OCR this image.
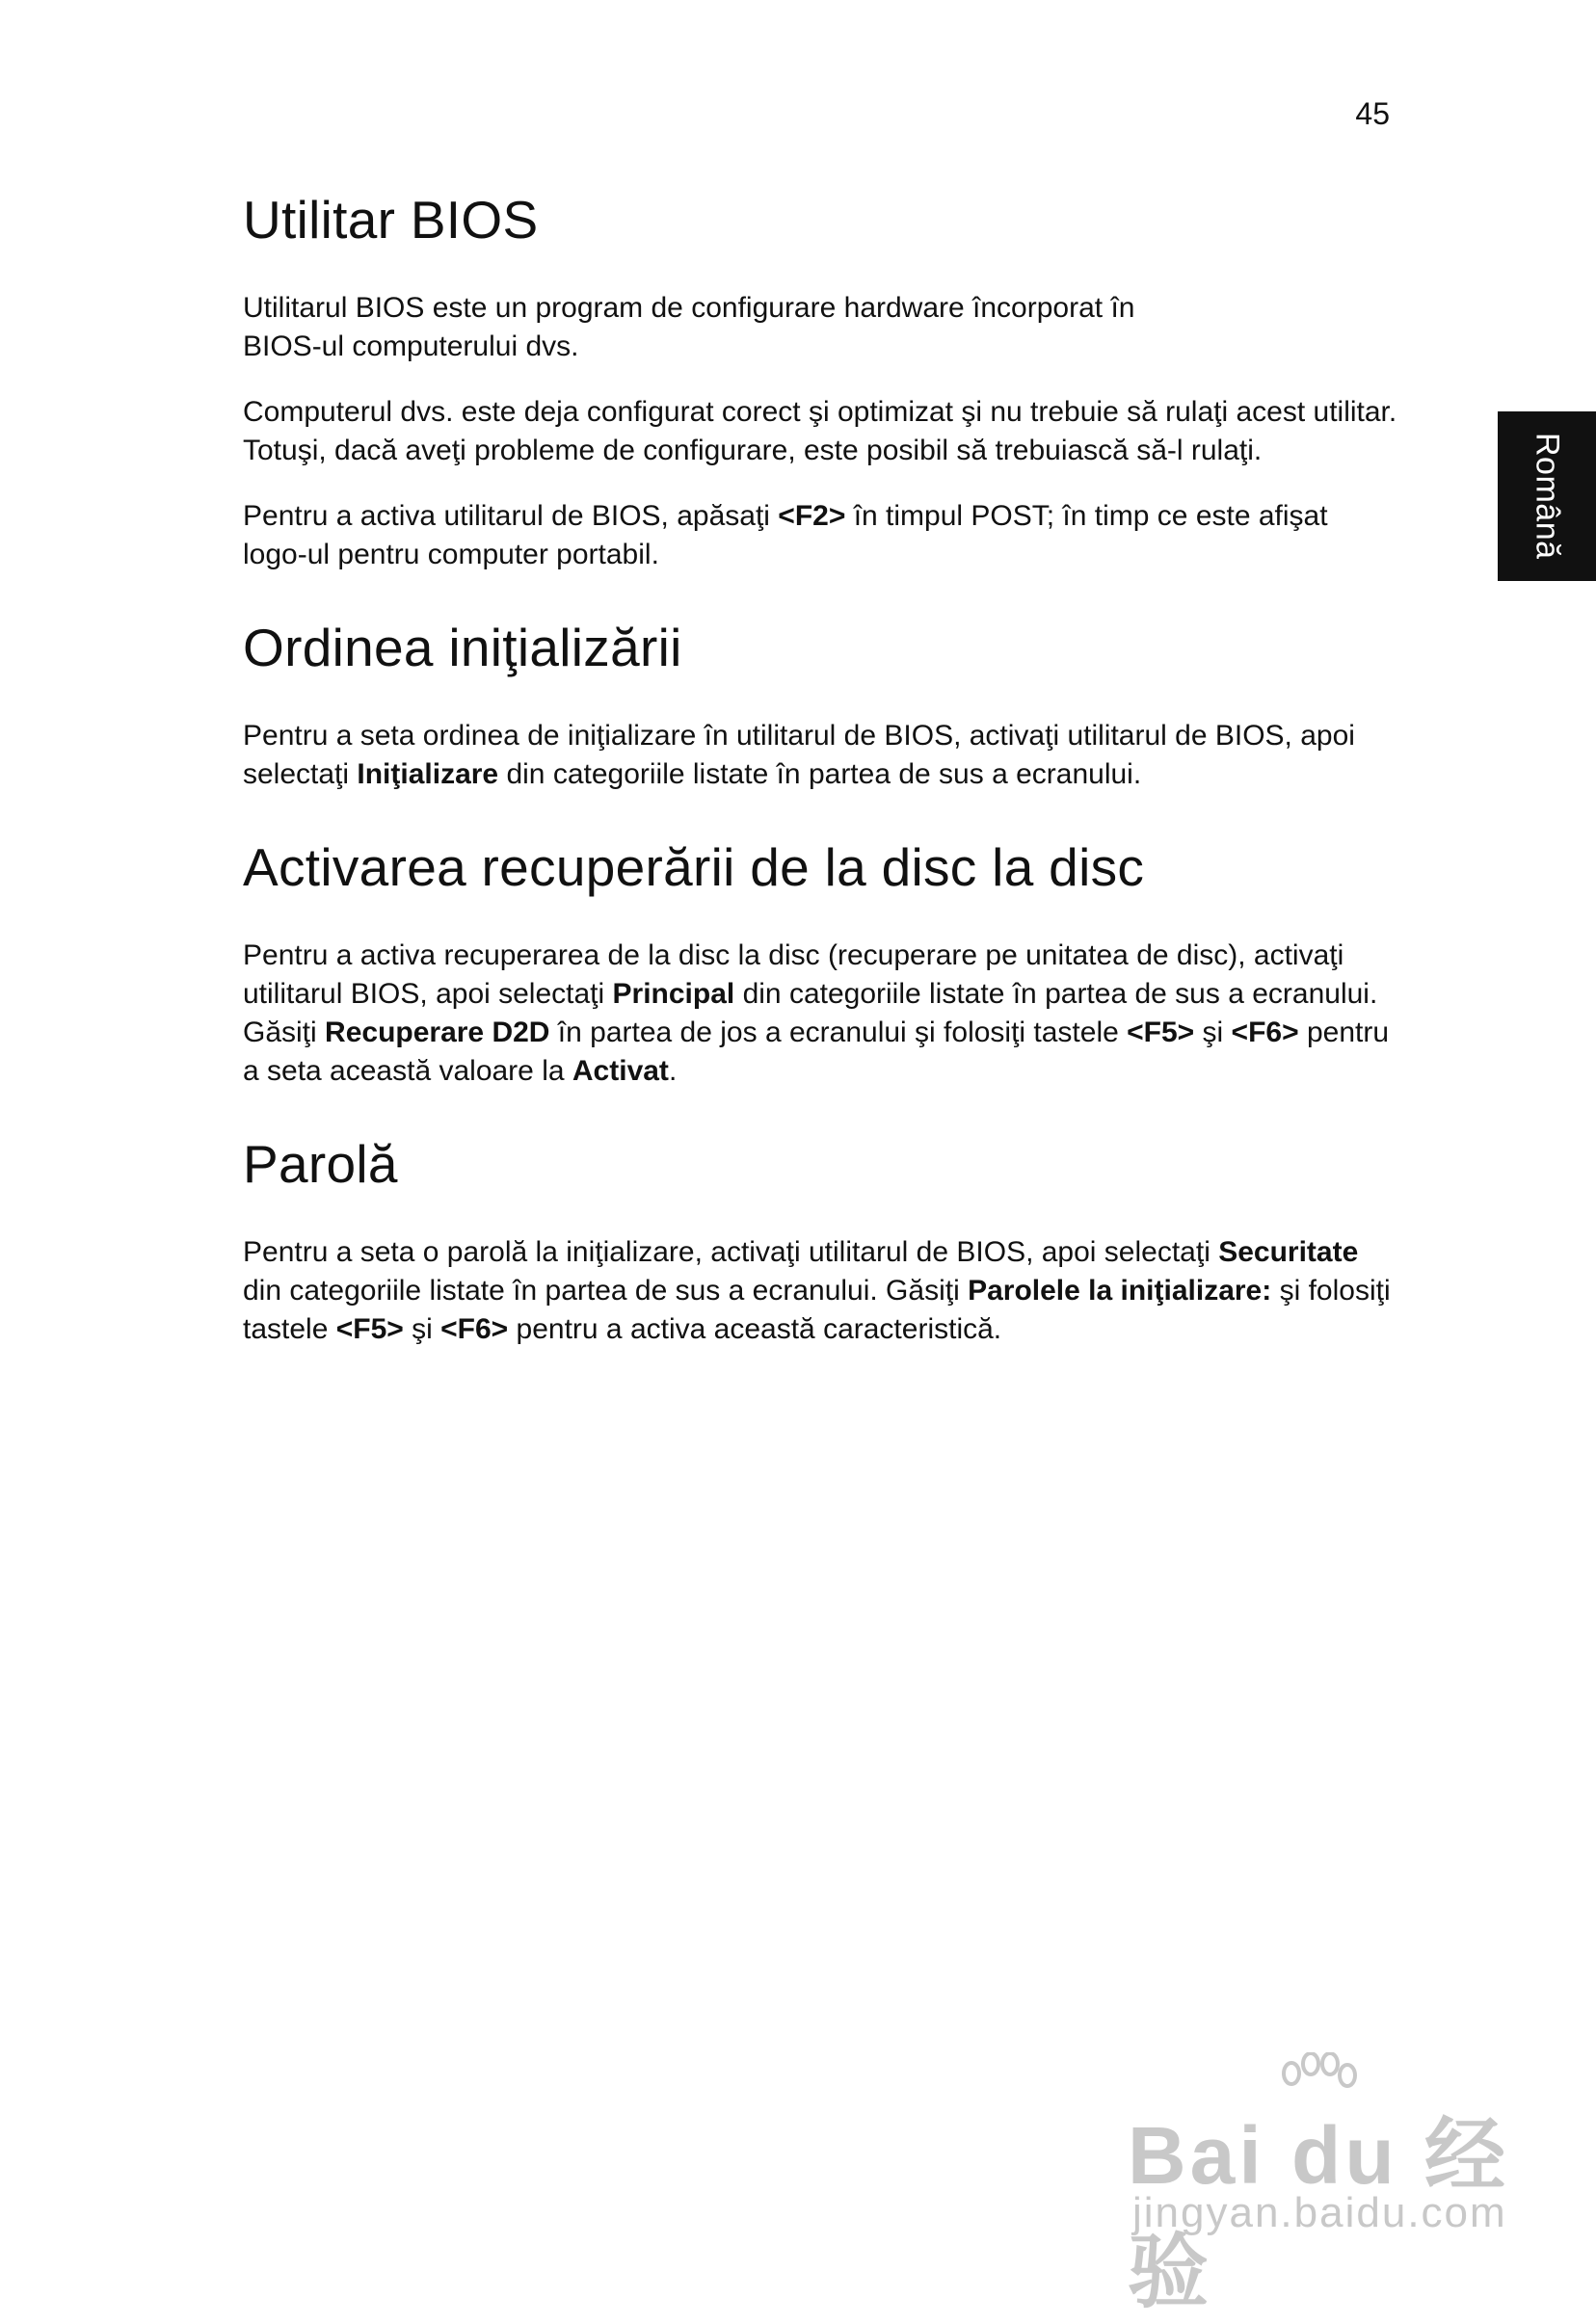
45
Română
Utilitar BIOS

Utilitarul BIOS este un program de configurare hardware încorporat în
BIOS-ul computerului dvs.

Computerul dvs. este deja configurat corect şi optimizat şi nu trebuie să rulaţi acest utilitar. Totuşi, dacă aveţi probleme de configurare, este posibil să trebuiască să-l rulaţi.

Pentru a activa utilitarul de BIOS, apăsaţi <F2> în timpul POST; în timp ce este afişat logo-ul pentru computer portabil.

Ordinea iniţializării

Pentru a seta ordinea de iniţializare în utilitarul de BIOS, activaţi utilitarul de BIOS, apoi selectaţi Iniţializare din categoriile listate în partea de sus a ecranului.

Activarea recuperării de la disc la disc

Pentru a activa recuperarea de la disc la disc (recuperare pe unitatea de disc), activaţi utilitarul BIOS, apoi selectaţi Principal din categoriile listate în partea de sus a ecranului. Găsiţi Recuperare D2D în partea de jos a ecranului şi folosiţi tastele <F5> şi <F6> pentru a seta această valoare la Activat.

Parolă

Pentru a seta o parolă la iniţializare, activaţi utilitarul de BIOS, apoi selectaţi Securitate din categoriile listate în partea de sus a ecranului. Găsiţi Parolele la iniţializare: şi folosiţi tastele <F5> şi <F6> pentru a activa această caracteristică.

Bai du 经验
jingyan.baidu.com
